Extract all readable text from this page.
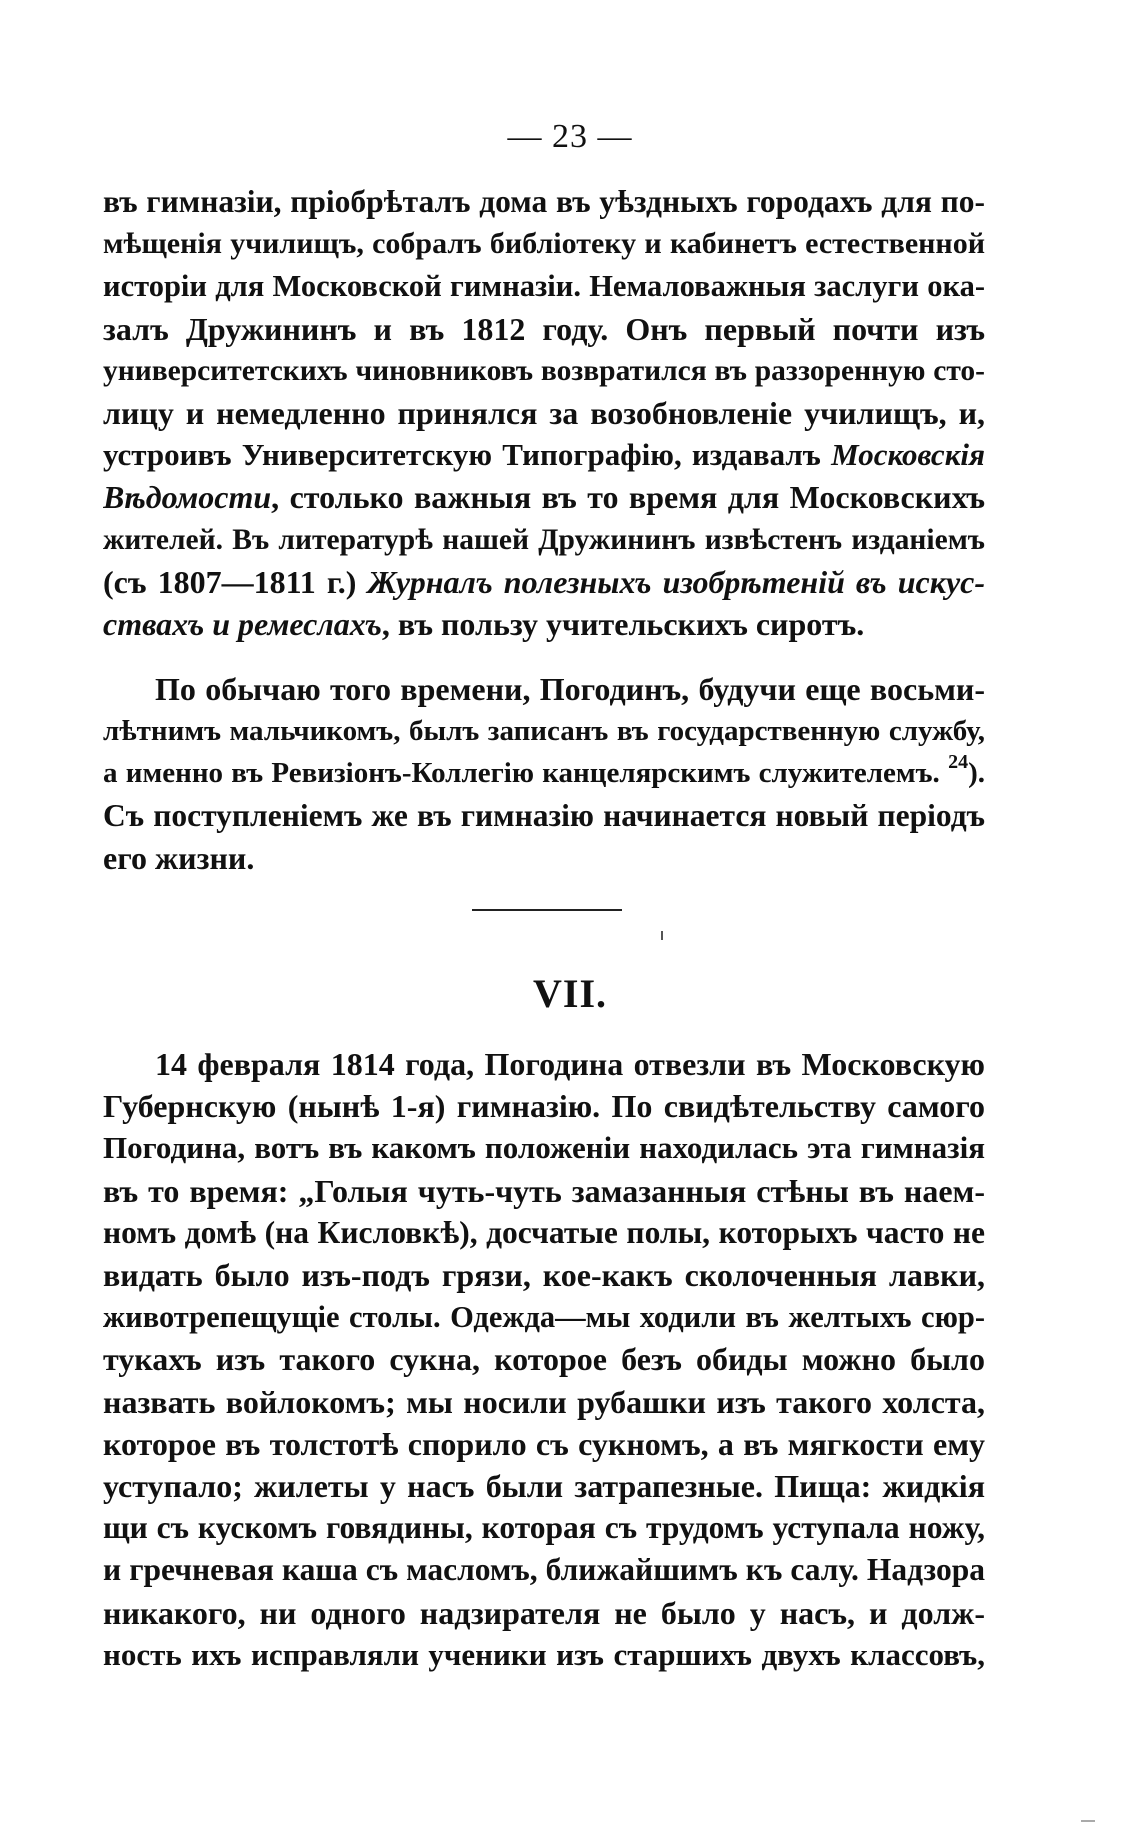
— 23 —
въ гимназіи, пріобрѣталъ дома въ уѣздныхъ городахъ для по-
мѣщенія училищъ, собралъ библіотеку и кабинетъ естественной
исторіи для Московской гимназіи. Немаловажныя заслуги ока-
залъ Дружининъ и въ 1812 году. Онъ первый почти изъ
университетскихъ чиновниковъ возвратился въ раззоренную сто-
лицу и немедленно принялся за возобновленіе училищъ, и,
устроивъ Университетскую Типографію, издавалъ Московскія
Вѣдомости, столько важныя въ то время для Московскихъ
жителей. Въ литературѣ нашей Дружининъ извѣстенъ изданіемъ
(съ 1807—1811 г.) Журналъ полезныхъ изобрѣтеній въ искус-
ствахъ и ремеслахъ, въ пользу учительскихъ сиротъ.
По обычаю того времени, Погодинъ, будучи еще восьми-
лѣтнимъ мальчикомъ, былъ записанъ въ государственную службу,
а именно въ Ревизіонъ-Коллегію канцелярскимъ служителемъ. $^{24}$).
Съ поступленіемъ же въ гимназію начинается новый періодъ
его жизни.
VII.
14 февраля 1814 года, Погодина отвезли въ Московскую
Губернскую (нынѣ 1-я) гимназію. По свидѣтельству самого
Погодина, вотъ въ какомъ положеніи находилась эта гимназія
въ то время: „Голыя чуть-чуть замазанныя стѣны въ наем-
номъ домѣ (на Кисловкѣ), досчатые полы, которыхъ часто не
видать было изъ-подъ грязи, кое-какъ сколоченныя лавки,
животрепещущіе столы. Одежда—мы ходили въ желтыхъ сюр-
тукахъ изъ такого сукна, которое безъ обиды можно было
назвать войлокомъ; мы носили рубашки изъ такого холста,
которое въ толстотѣ спорило съ сукномъ, а въ мягкости ему
уступало; жилеты у насъ были затрапезные. Пища: жидкія
щи съ кускомъ говядины, которая съ трудомъ уступала ножу,
и гречневая каша съ масломъ, ближайшимъ къ салу. Надзора
никакого, ни одного надзирателя не было у насъ, и долж-
ность ихъ исправляли ученики изъ старшихъ двухъ классовъ,
